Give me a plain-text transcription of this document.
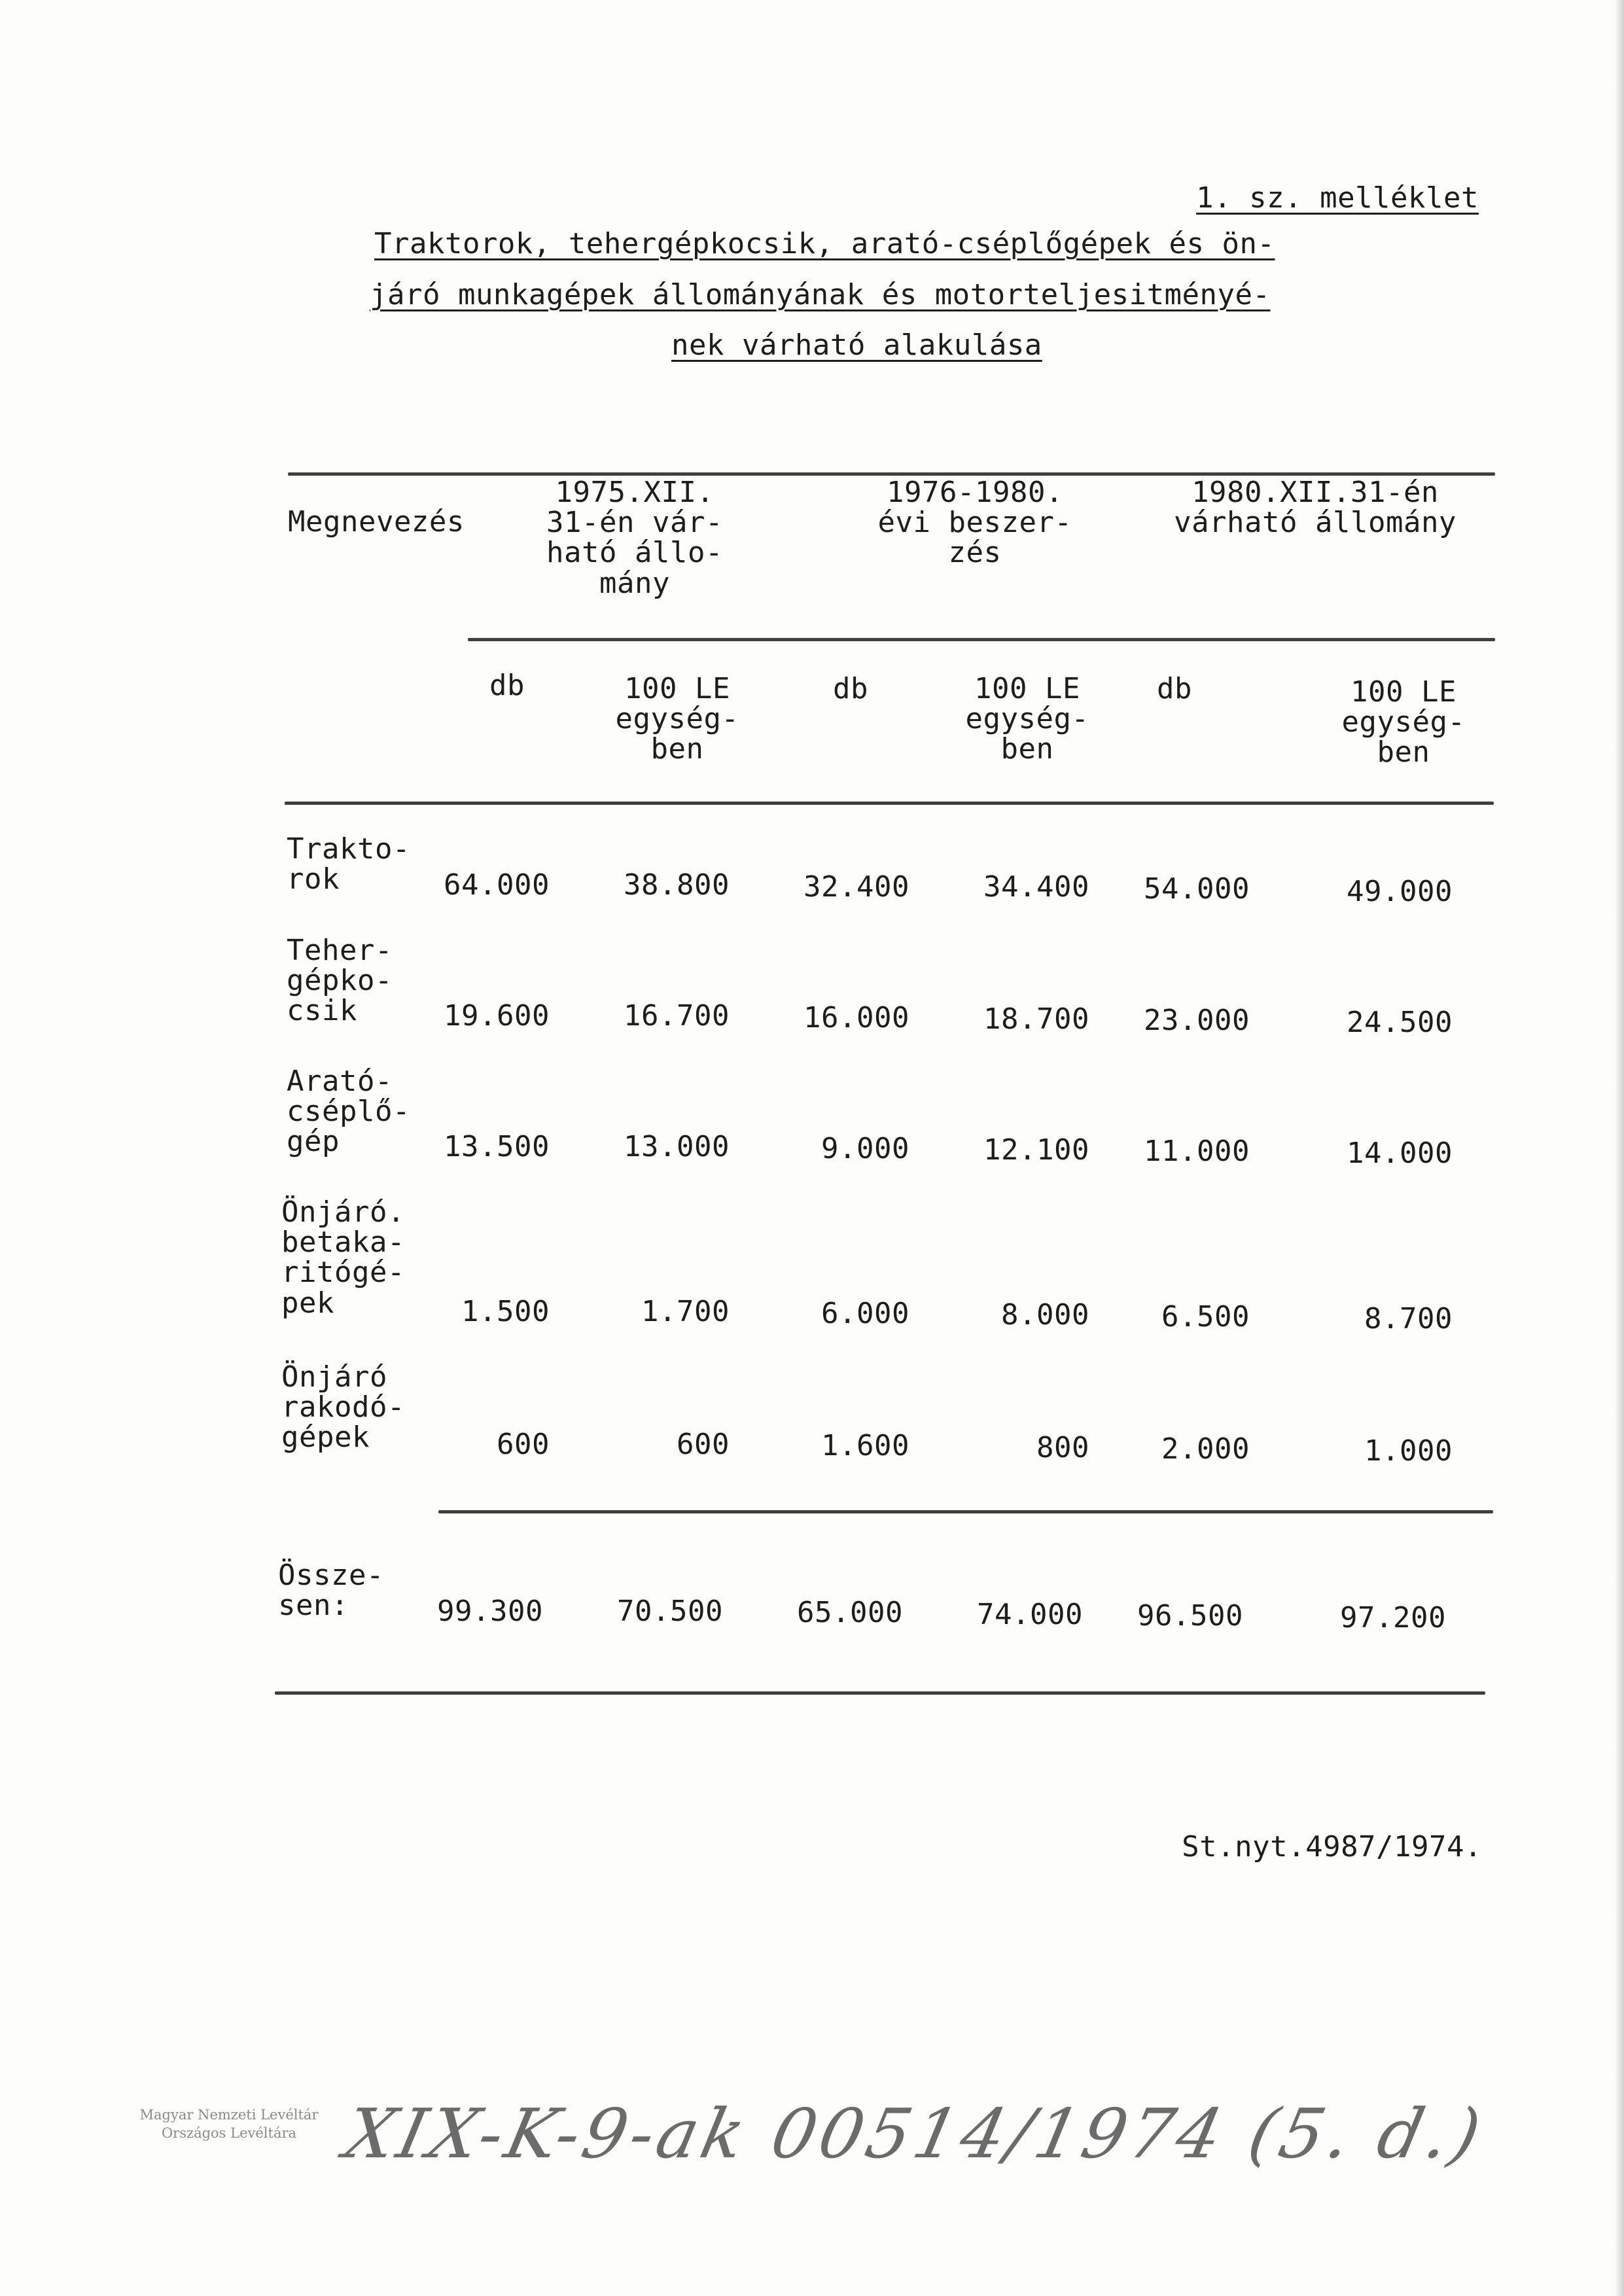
1. sz. melléklet
Traktorok, tehergépkocsik, arató-cséplőgépek és ön-
járó munkagépek állományának és motorteljesitményé-
nek várható alakulása
Megnevezés
1975.XII.
31-én vár-
ható állo-
mány
1976-1980.
évi beszer-
zés
1980.XII.31-én
várható állomány
db	100 LE
egység-
ben
db	100 LE
egység-
ben
db	100 LE
egység-
ben
Trakto-
rok	64.000	38.800	32.400	34.400	54.000	49.000
Teher-
gépko-
csik	19.600	16.700	16.000	18.700	23.000	24.500
Arató-
cséplő-
gép	13.500	13.000	9.000	12.100	11.000	14.000
Önjáró.
betaka-
ritógé-
pek	1.500	1.700	6.000	8.000	6.500	8.700
Önjáró
rakodó-
gépek	600	600	1.600	800	2.000	1.000
Össze-
sen:	99.300	70.500	65.000	74.000	96.500	97.200
St.nyt.4987/1974.
Magyar Nemzeti Levéltár
Országos Levéltára XIX-K-9-ak 00514/1974 (5. d.)
